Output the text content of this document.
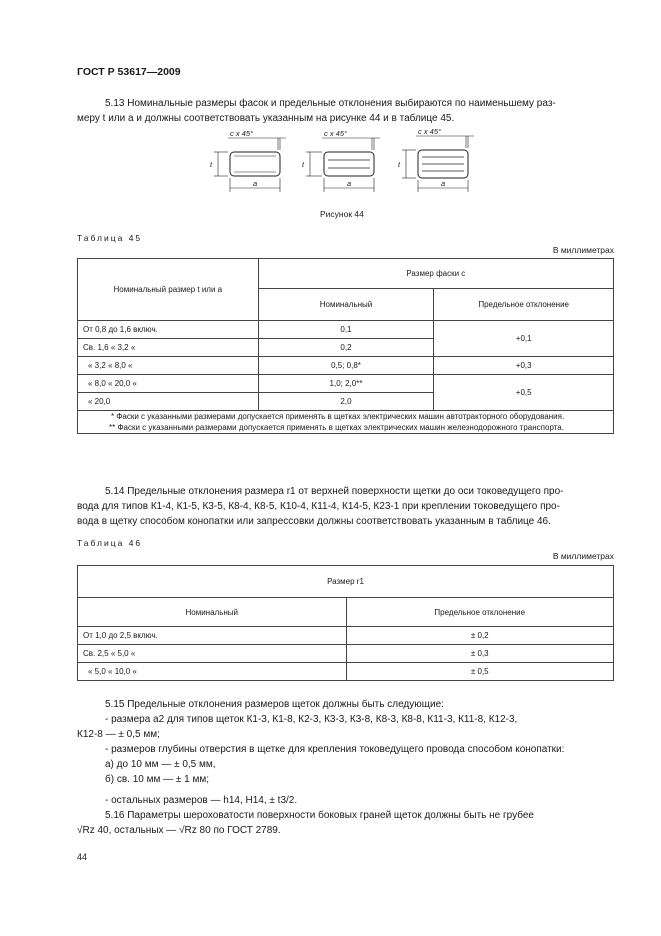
ГОСТ Р 53617—2009
5.13 Номинальные размеры фасок и предельные отклонения выбираются по наименьшему раз-
меру t или a и должны соответствовать указанным на рисунке 44 и в таблице 45.
c x 45°	c x 45°	c x 45°
t	t	t
a	a	a
Рисунок 44
Таблица 45
В миллиметрах
Номинальный размер t или a	Размер фаски c	
	Номинальный	Предельное отклонение
От 0,8 до 1,6 включ.	0,1	+0,1
Св. 1,6 « 3,2 «	0,2	
« 3,2 « 8,0 «	0,5; 0,8*	+0,3
« 8,0 « 20,0 «	1,0; 2,0**	+0,5
« 20,0	2,0	

* Фаски с указанными размерами допускается применять в щетках электрических машин автотракторного оборудования.
** Фаски с указанными размерами допускается применять в щетках электрических машин железнодорожного транспорта.		
5.14 Предельные отклонения размера r1 от верхней поверхности щетки до оси токоведущего про-
вода для типов К1-4, К1-5, К3-5, К8-4, К8-5, К10-4, К11-4, К14-5, К23-1 при креплении токоведущего про-
вода в щетку способом конопатки или запрессовки должны соответствовать указанным в таблице 46.
Таблица 46
В миллиметрах
Размер r1	
Номинальный	Предельное отклонение
От 1,0 до 2,5 включ.	± 0,2
Св. 2,5 « 5,0 «	± 0,3
« 5,0 « 10,0 «	± 0,5
5.15 Предельные отклонения размеров щеток должны быть следующие:
- размера a2 для типов щеток К1-3, К1-8, К2-3, К3-3, К3-8, К8-3, К8-8, К11-3, К11-8, К12-3,
К12-8 — ± 0,5 мм;
- размеров глубины отверстия в щетке для крепления токоведущего провода способом конопатки:
а) до 10 мм — ± 0,5 мм,
б) св. 10 мм — ± 1 мм;
- остальных размеров — h14, H14, ± t3/2.
5.16 Параметры шероховатости поверхности боковых граней щеток должны быть не грубее
√Rz 40, остальных — √Rz 80 по ГОСТ 2789.
44
